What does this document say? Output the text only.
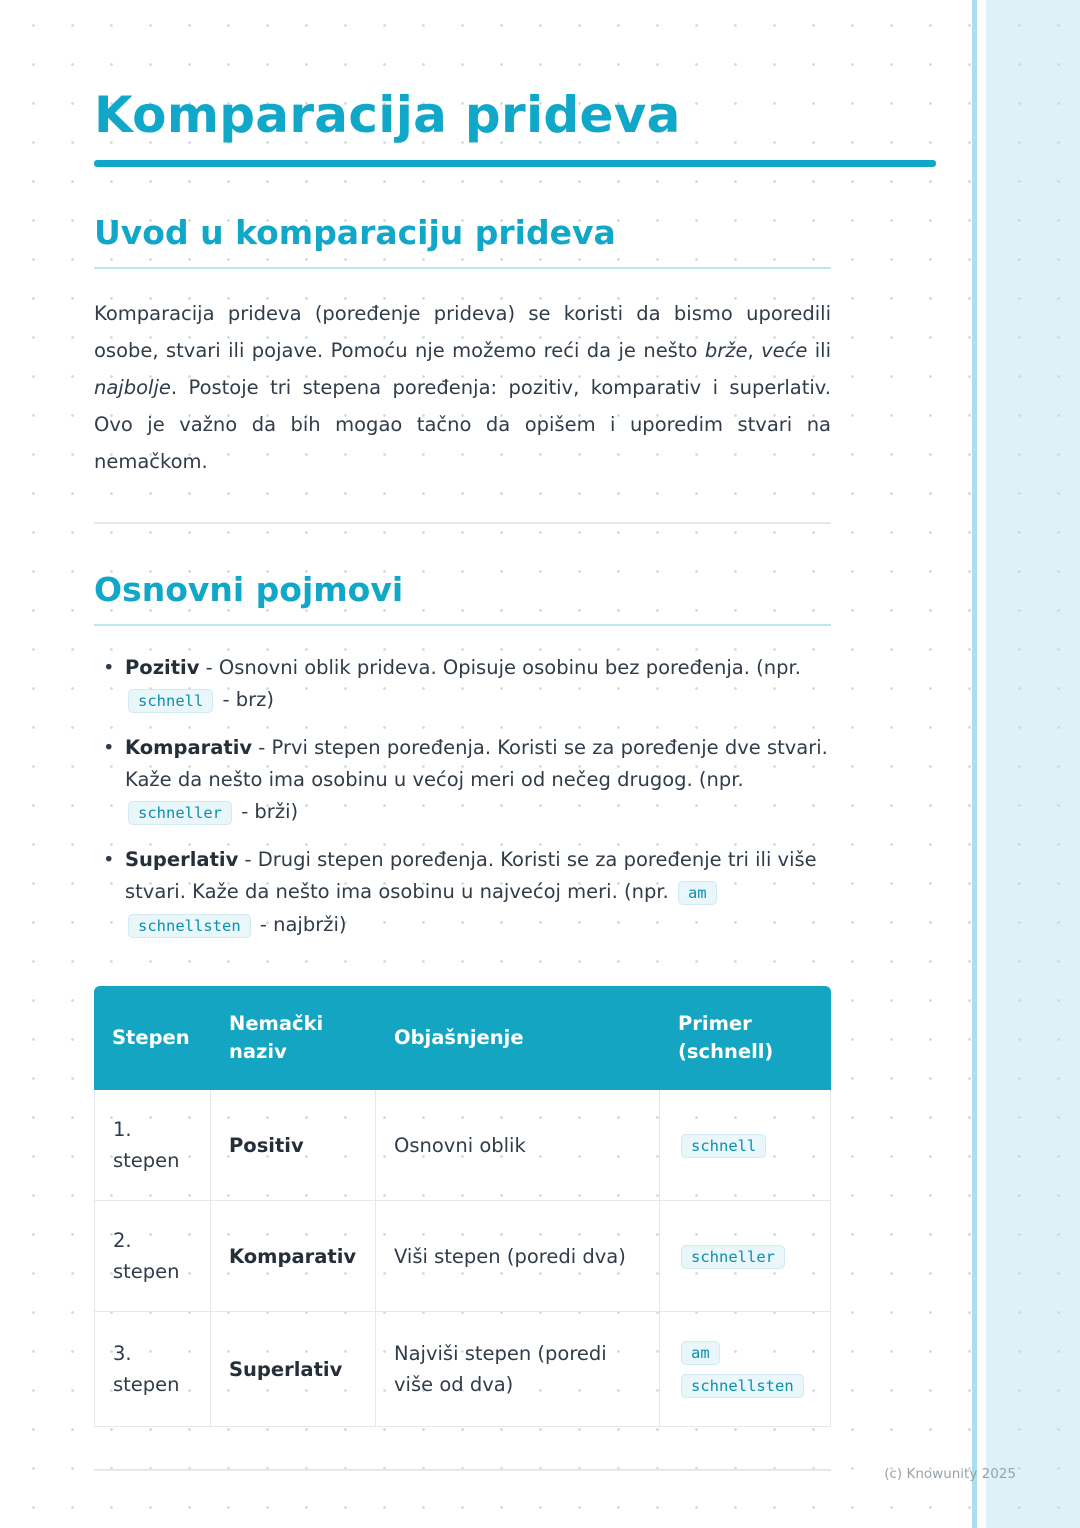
Komparacija prideva
Uvod u komparaciju prideva

Komparacija prideva (poređenje prideva) se koristi da bismo uporedili osobe, stvari ili pojave. Pomoću nje možemo reći da je nešto brže, veće ili najbolje. Postoje tri stepena poređenja: pozitiv, komparativ i superlativ. Ovo je važno da bih mogao tačno da opišem i uporedim stvari na nemačkom.

Osnovni pojmovi
• Pozitiv - Osnovni oblik prideva. Opisuje osobinu bez poređenja. (npr. schnell - brz)
• Komparativ - Prvi stepen poređenja. Koristi se za poređenje dve stvari. Kaže da nešto ima osobinu u većoj meri od nečeg drugog. (npr. schneller - brži)
• Superlativ - Drugi stepen poređenja. Koristi se za poređenje tri ili više stvari. Kaže da nešto ima osobinu u najvećoj meri. (npr. am schnellsten - najbrži)
Stepen	Nemački naziv	Objašnjenje	Primer (schnell)
1. stepen	Positiv	Osnovni oblik	schnell
2. stepen	Komparativ	Viši stepen (poredi dva)	schneller
3. stepen	Superlativ	Najviši stepen (poredi više od dva)	am schnellsten
(c) Knowunity 2025
